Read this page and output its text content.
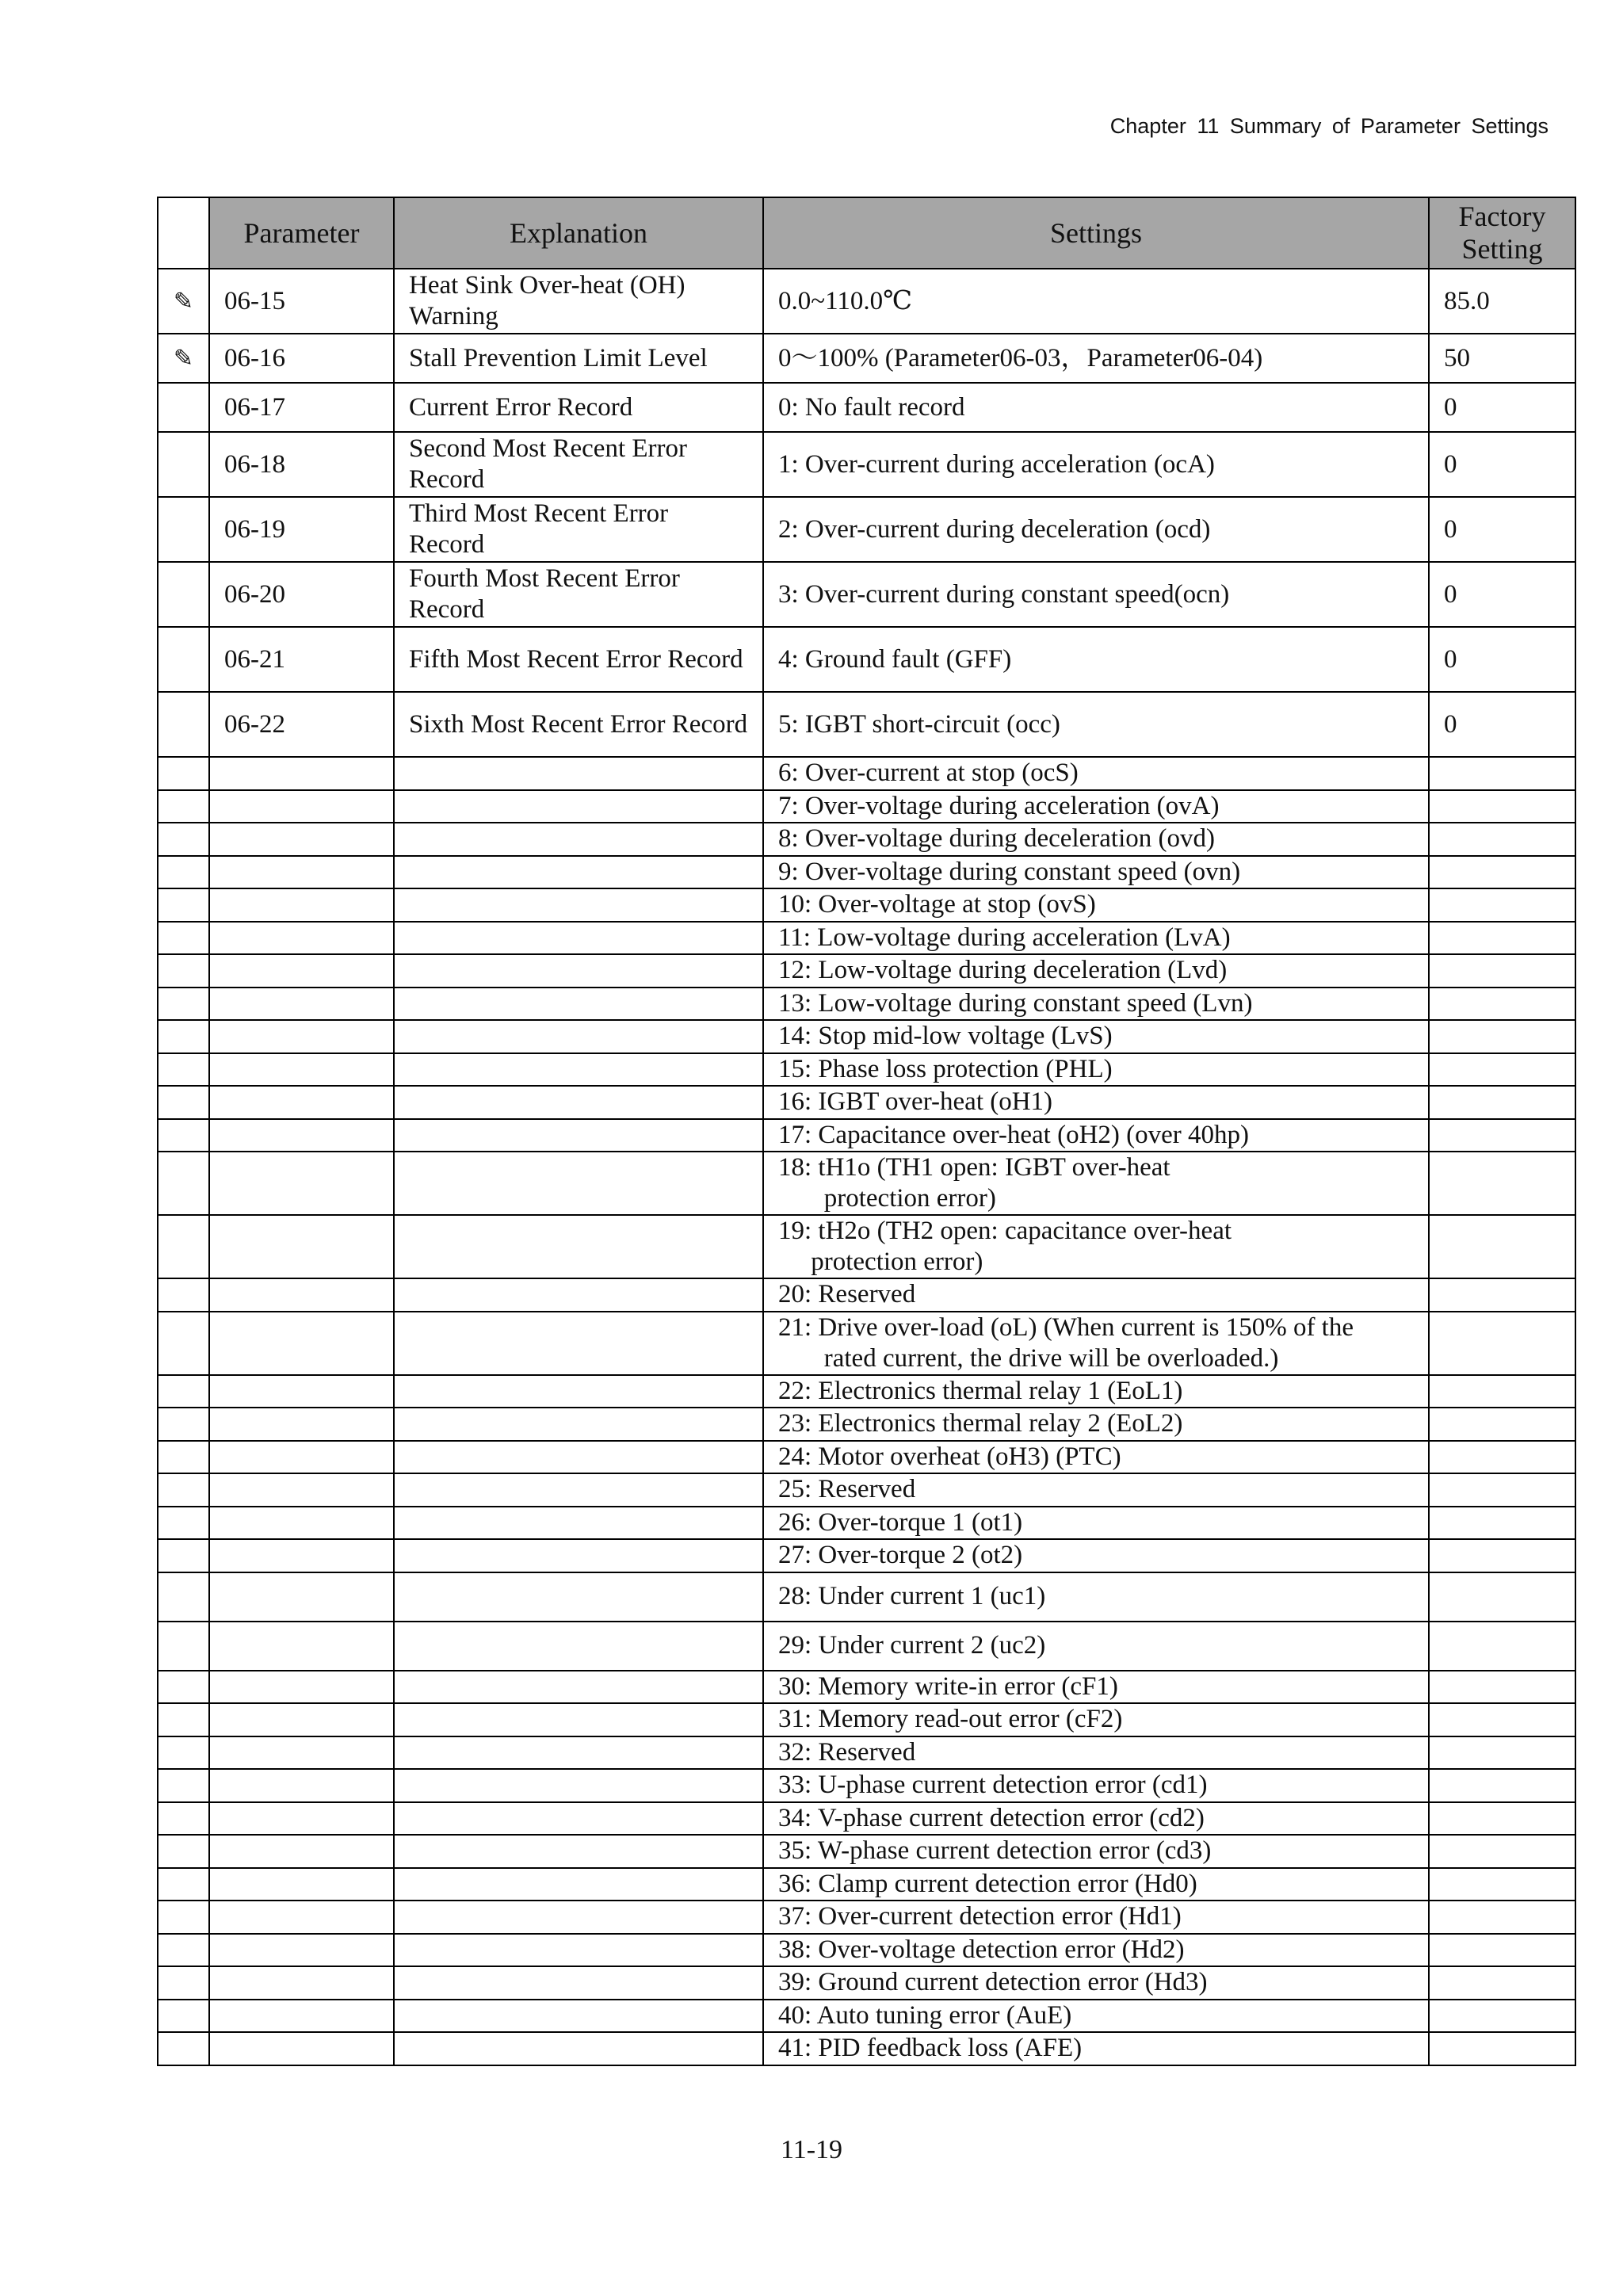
Chapter 11 Summary of Parameter Settings
	Parameter	Explanation	Settings	Factory Setting
✎	06-15	Heat Sink Over-heat (OH) Warning	0.0~110.0℃	85.0
✎	06-16	Stall Prevention Limit Level	0～100% (Parameter06-03，Parameter06-04)	50
	06-17	Current Error Record	0: No fault record	0
	06-18	Second Most Recent Error Record	1: Over-current during acceleration (ocA)	0
	06-19	Third Most Recent Error Record	2: Over-current during deceleration (ocd)	0
	06-20	Fourth Most Recent Error Record	3: Over-current during constant speed(ocn)	0
	06-21	Fifth Most Recent Error Record	4: Ground fault (GFF)	0
	06-22	Sixth Most Recent Error Record	5: IGBT short-circuit (occ)	0
			6: Over-current at stop (ocS)	
			7: Over-voltage during acceleration (ovA)	
			8: Over-voltage during deceleration (ovd)	
			9: Over-voltage during constant speed (ovn)	
			10: Over-voltage at stop (ovS)	
			11: Low-voltage during acceleration (LvA)	
			12: Low-voltage during deceleration (Lvd)	
			13: Low-voltage during constant speed (Lvn)	
			14: Stop mid-low voltage (LvS)	
			15: Phase loss protection (PHL)	
			16: IGBT over-heat (oH1)	
			17: Capacitance over-heat (oH2) (over 40hp)	
			18: tH1o (TH1 open: IGBT over-heat
protection error)	
			19: tH2o (TH2 open: capacitance over-heat
protection error)	
			20: Reserved	
			21: Drive over-load (oL) (When current is 150% of the
rated current, the drive will be overloaded.)	
			22: Electronics thermal relay 1 (EoL1)	
			23: Electronics thermal relay 2 (EoL2)	
			24: Motor overheat (oH3) (PTC)	
			25: Reserved	
			26: Over-torque 1 (ot1)	
			27: Over-torque 2 (ot2)	
			28: Under current 1 (uc1)	
			29: Under current 2 (uc2)	
			30: Memory write-in error (cF1)	
			31: Memory read-out error (cF2)	
			32: Reserved	
			33: U-phase current detection error (cd1)	
			34: V-phase current detection error (cd2)	
			35: W-phase current detection error (cd3)	
			36: Clamp current detection error (Hd0)	
			37: Over-current detection error (Hd1)	
			38: Over-voltage detection error (Hd2)	
			39: Ground current detection error (Hd3)	
			40: Auto tuning error (AuE)	
			41: PID feedback loss (AFE)	
11-19
